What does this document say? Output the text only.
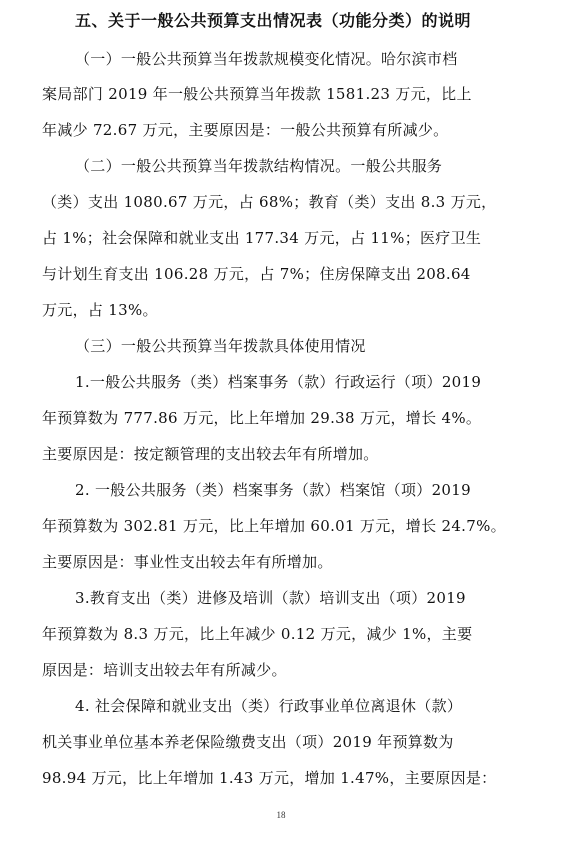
五、关于一般公共预算支出情况表（功能分类）的说明
（一）一般公共预算当年拨款规模变化情况。哈尔滨市档
案局部门 2019 年一般公共预算当年拨款 1581.23 万元，比上
年减少 72.67 万元，主要原因是：一般公共预算有所减少。
（二）一般公共预算当年拨款结构情况。一般公共服务
（类）支出 1080.67 万元，占 68%；教育（类）支出 8.3 万元，
占 1%；社会保障和就业支出 177.34 万元，占 11%；医疗卫生
与计划生育支出 106.28 万元，占 7%；住房保障支出 208.64
万元，占 13%。
（三）一般公共预算当年拨款具体使用情况
1.一般公共服务（类）档案事务（款）行政运行（项）2019
年预算数为 777.86 万元，比上年增加 29.38 万元，增长 4%。
主要原因是：按定额管理的支出较去年有所增加。
2. 一般公共服务（类）档案事务（款）档案馆（项）2019
年预算数为 302.81 万元，比上年增加 60.01 万元，增长 24.7%。
主要原因是：事业性支出较去年有所增加。
3.教育支出（类）进修及培训（款）培训支出（项）2019
年预算数为 8.3 万元，比上年减少 0.12 万元，减少 1%，主要
原因是：培训支出较去年有所减少。
4. 社会保障和就业支出（类）行政事业单位离退休（款）
机关事业单位基本养老保险缴费支出（项）2019 年预算数为
98.94 万元，比上年增加 1.43 万元，增加 1.47%，主要原因是：
18
